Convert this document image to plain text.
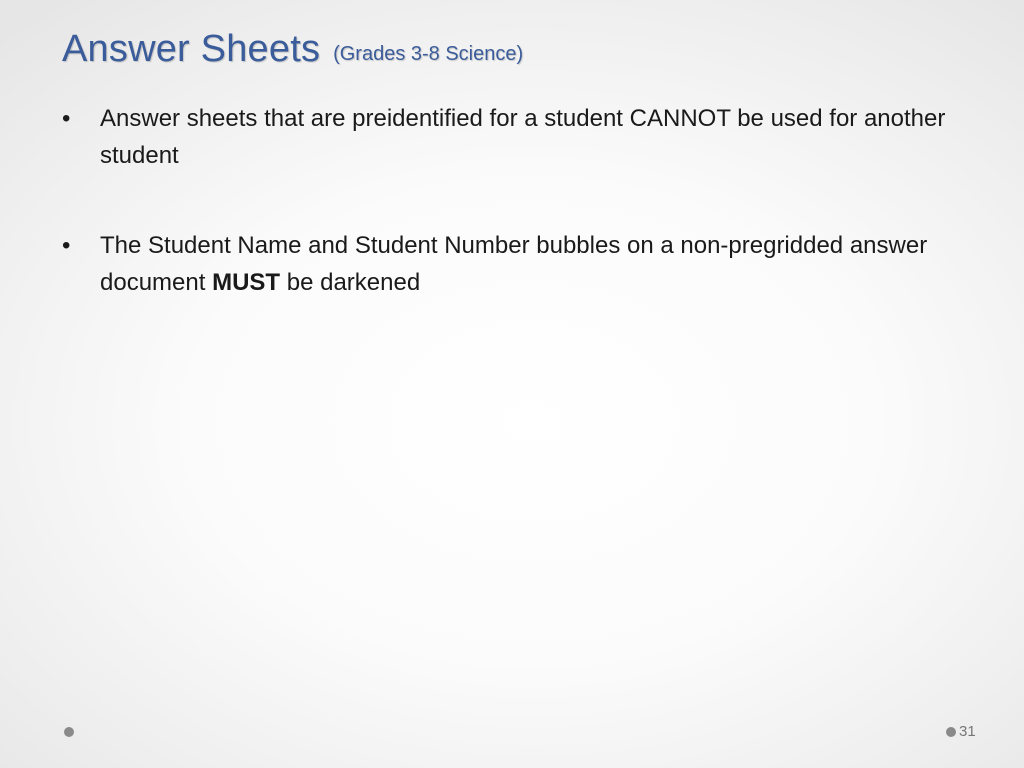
Answer Sheets (Grades 3-8 Science)
•	Answer sheets that are preidentified for a student CANNOT be used for another student
•	The Student Name and Student Number bubbles on a non-pregridded answer document MUST be darkened
31
